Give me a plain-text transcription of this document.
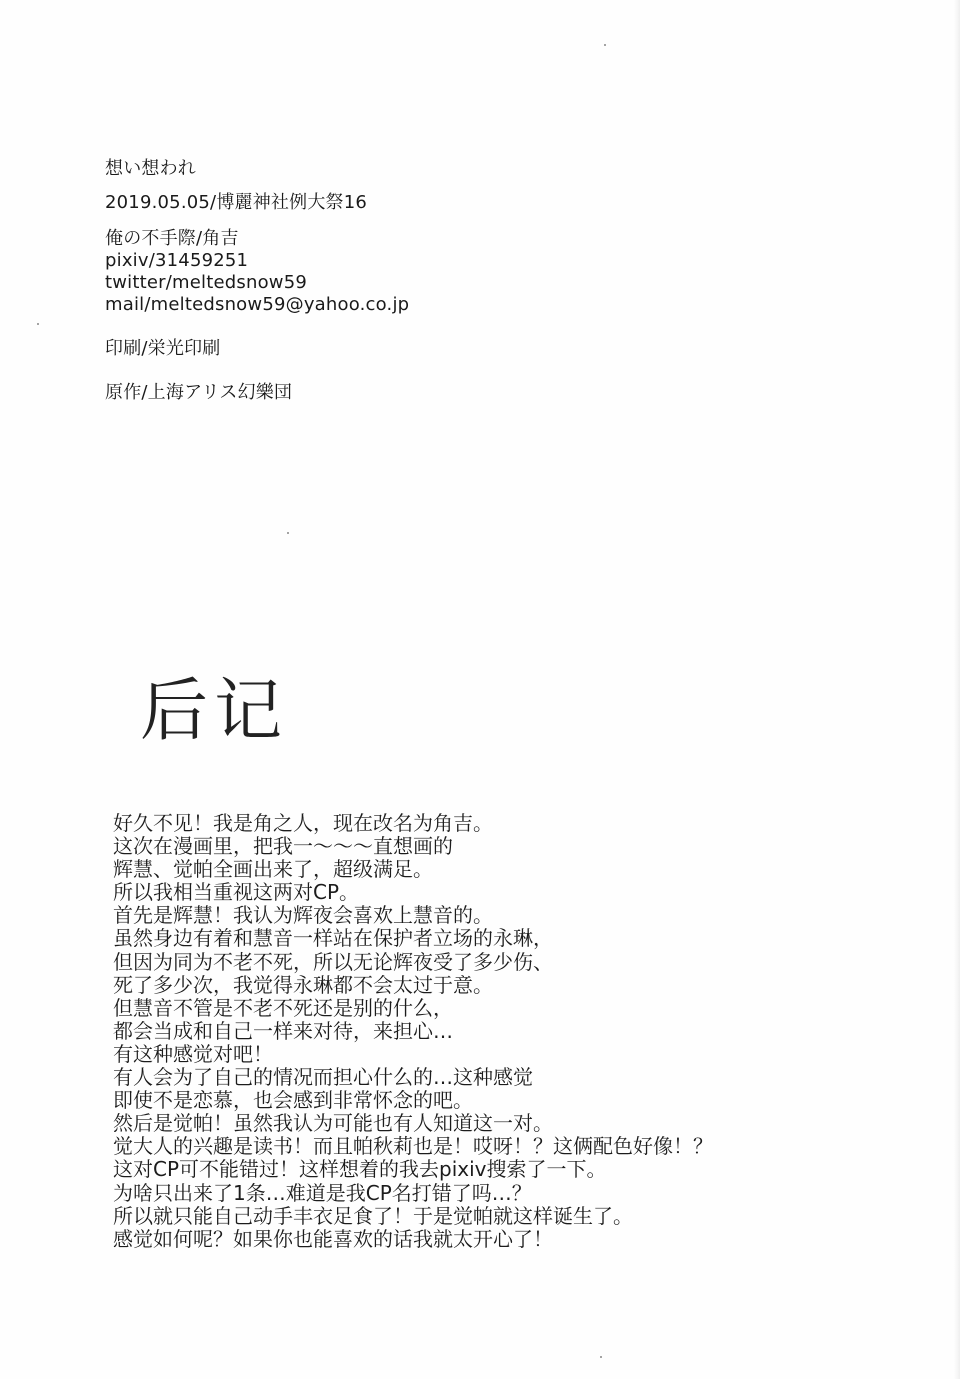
想い想われ
2019.05.05/博麗神社例大祭16
俺の不手際/角吉
pixiv/31459251
twitter/meltedsnow59
mail/meltedsnow59@yahoo.co.jp
印刷/栄光印刷
原作/上海アリス幻樂団
后记
好久不见！我是角之人，现在改名为角吉。
这次在漫画里，把我一～～～直想画的
辉慧、觉帕全画出来了，超级满足。
所以我相当重视这两对CP。
首先是辉慧！我认为辉夜会喜欢上慧音的。
虽然身边有着和慧音一样站在保护者立场的永琳，
但因为同为不老不死，所以无论辉夜受了多少伤、
死了多少次，我觉得永琳都不会太过于意。
但慧音不管是不老不死还是别的什么，
都会当成和自己一样来对待，来担心…
有这种感觉对吧！
有人会为了自己的情况而担心什么的…这种感觉
即使不是恋慕，也会感到非常怀念的吧。
然后是觉帕！虽然我认为可能也有人知道这一对。
觉大人的兴趣是读书！而且帕秋莉也是！哎呀！？这俩配色好像！？
这对CP可不能错过！这样想着的我去pixiv搜索了一下。
为啥只出来了1条…难道是我CP名打错了吗…？
所以就只能自己动手丰衣足食了！于是觉帕就这样诞生了。
感觉如何呢？如果你也能喜欢的话我就太开心了！
